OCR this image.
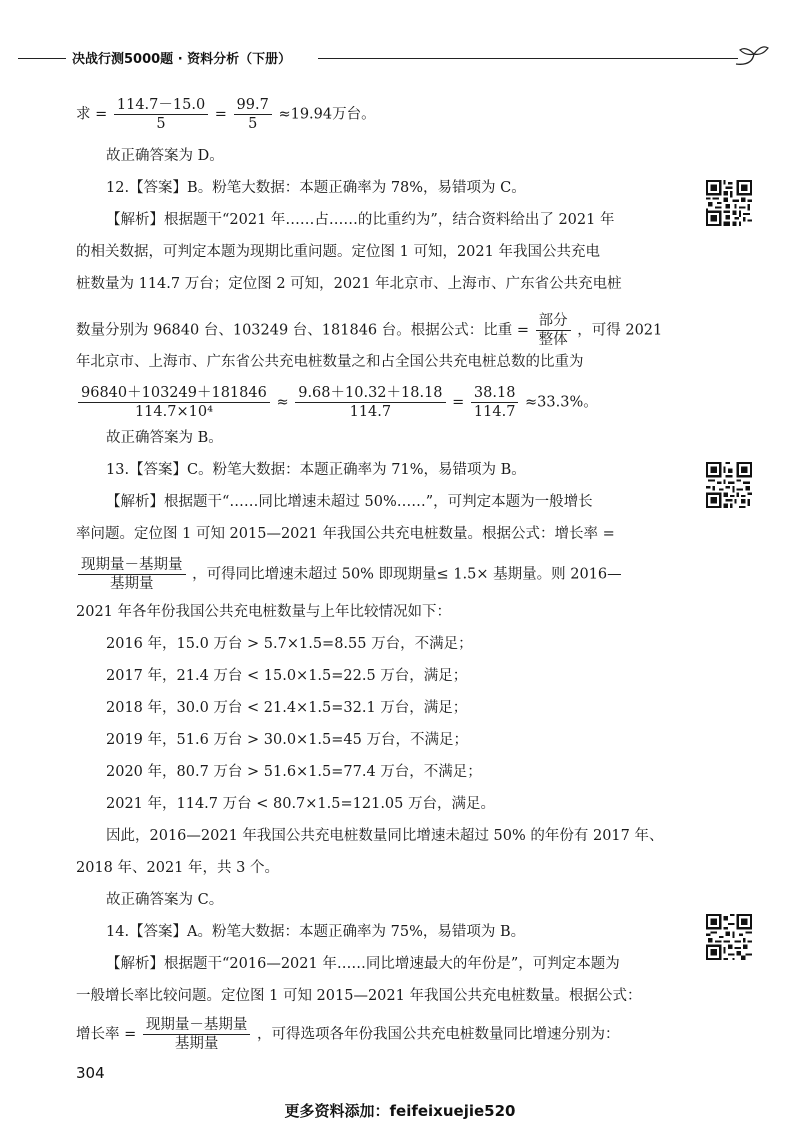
决战行测5000题 · 资料分析（下册）
求 = $\frac{114.7-15.0}{5} = \frac{99.7}{5} \approx 19.94$万台。
故正确答案为 D。
12.【答案】B。粉笔大数据：本题正确率为 78%，易错项为 C。
【解析】根据题干“2021 年……占……的比重约为”，结合资料给出了 2021 年
的相关数据，可判定本题为现期比重问题。定位图 1 可知，2021 年我国公共充电
桩数量为 114.7 万台；定位图 2 可知，2021 年北京市、上海市、广东省公共充电桩
数量分别为 96840 台、103249 台、181846 台。根据公式：比重 = $\frac{\text{部分}}{\text{整体}}$ ，可得 2021
年北京市、上海市、广东省公共充电桩数量之和占全国公共充电桩总数的比重为
$\frac{96840+103249+181846}{\text{114.7×10⁴}} \approx \frac{9.68+10.32+18.18}{114.7} = \frac{38.18}{114.7} \approx 33.3\%$。
故正确答案为 B。
13.【答案】C。粉笔大数据：本题正确率为 71%，易错项为 B。
【解析】根据题干“……同比增速未超过 50%……”，可判定本题为一般增长
率问题。定位图 1 可知 2015—2021 年我国公共充电桩数量。根据公式：增长率 =
$\frac{\text{现期量－基期量}}{\text{基期量}}$ ，可得同比增速未超过 50% 即现期量≤ 1.5× 基期量。则 2016—
2021 年各年份我国公共充电桩数量与上年比较情况如下：
2016 年，15.0 万台 > 5.7×1.5=8.55 万台，不满足；
2017 年，21.4 万台 < 15.0×1.5=22.5 万台，满足；
2018 年，30.0 万台 < 21.4×1.5=32.1 万台，满足；
2019 年，51.6 万台 > 30.0×1.5=45 万台，不满足；
2020 年，80.7 万台 > 51.6×1.5=77.4 万台，不满足；
2021 年，114.7 万台 < 80.7×1.5=121.05 万台，满足。
因此，2016—2021 年我国公共充电桩数量同比增速未超过 50% 的年份有 2017 年、
2018 年、2021 年，共 3 个。
故正确答案为 C。
14.【答案】A。粉笔大数据：本题正确率为 75%，易错项为 B。
【解析】根据题干“2016—2021 年……同比增速最大的年份是”，可判定本题为
一般增长率比较问题。定位图 1 可知 2015—2021 年我国公共充电桩数量。根据公式：
增长率 = $\frac{\text{现期量－基期量}}{\text{基期量}}$ ，可得选项各年份我国公共充电桩数量同比增速分别为：
304
更多资料添加：feifeixuejie520
